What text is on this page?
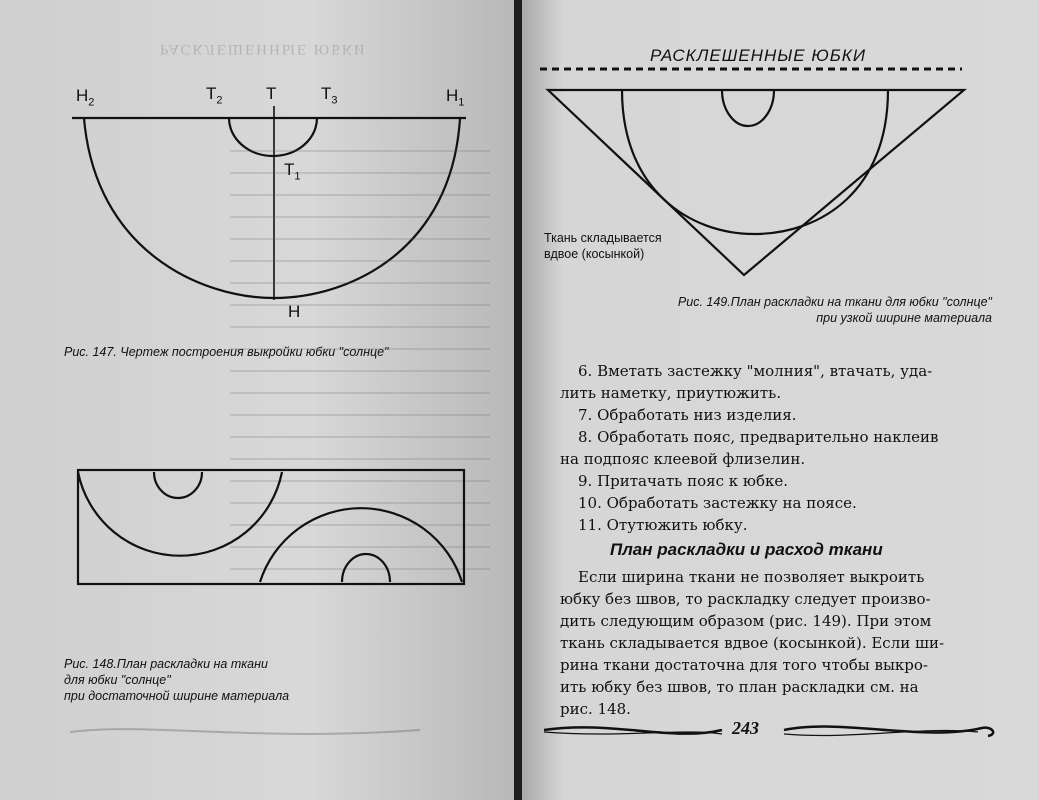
РАСКЛЕШЕННЫЕ ЮБКИ
$Н_2$	$Т_2$	Т	$Т_3$	$Н_1$
$Т_1$
Н
Рис. 147. Чертеж построения выкройки юбки "солнце"
Рис. 148.План раскладки на ткани
для юбки "солнце"
при достаточной ширине материала
РАСКЛЕШЕННЫЕ ЮБКИ
Ткань складывается
вдвое (косынкой)
Рис. 149.План раскладки на ткани для юбки "солнце"
при узкой ширине материала

6. Вметать застежку "молния", втачать, уда-

лить наметку, приутюжить.

7. Обработать низ изделия.

8. Обработать пояс, предварительно наклеив

на подпояс клеевой флизелин.

9. Притачать пояс к юбке.

10. Обработать застежку на поясе.

11. Отутюжить юбку.

План раскладки и расход ткани

Если ширина ткани не позволяет выкроить

юбку без швов, то раскладку следует произво-

дить следующим образом (рис. 149). При этом

ткань складывается вдвое (косынкой). Если ши-

рина ткани достаточна для того чтобы выкро-

ить юбку без швов, то план раскладки см. на

рис. 148.

243
